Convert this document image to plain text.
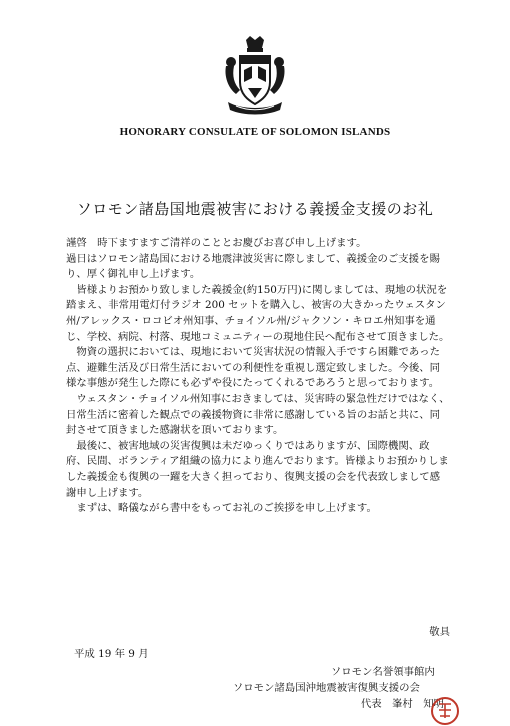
HONORARY CONSULATE OF SOLOMON ISLANDS
ソロモン諸島国地震被害における義援金支援のお礼

謹啓　時下ますますご清祥のこととお慶びお喜び申し上げます。

過日はソロモン諸島国における地震津波災害に際しまして、義援金のご支援を賜り、厚く御礼申し上げます。

皆様よりお預かり致しました義援金(約150万円)に関しましては、現地の状況を踏まえ、非常用電灯付ラジオ 200 セットを購入し、被害の大きかったウェスタン州/アレックス・ロコビオ州知事、チョイソル州/ジャクソン・キロエ州知事を通じ、学校、病院、村落、現地コミュニティーの現地住民へ配布させて頂きました。

物資の選択においては、現地において災害状況の情報入手ですら困難であった点、避難生活及び日常生活においての利便性を重視し選定致しました。今後、同様な事態が発生した際にも必ずや役にたってくれるであろうと思っております。

ウェスタン・チョイソル州知事におきましては、災害時の緊急性だけではなく、日常生活に密着した観点での義援物資に非常に感謝している旨のお話と共に、同封させて頂きました感謝状を頂いております。

最後に、被害地域の災害復興は未だゆっくりではありますが、国際機関、政府、民間、ボランティア組織の協力により進んでおります。皆様よりお預かりしました義援金も復興の一躍を大きく担っており、復興支援の会を代表致しまして感謝申し上げます。

まずは、略儀ながら書中をもってお礼のご挨拶を申し上げます。

敬具
平成 19 年 9 月
ソロモン名誉領事館内
ソロモン諸島国沖地震被害復興支援の会
代表　峯村　知明
